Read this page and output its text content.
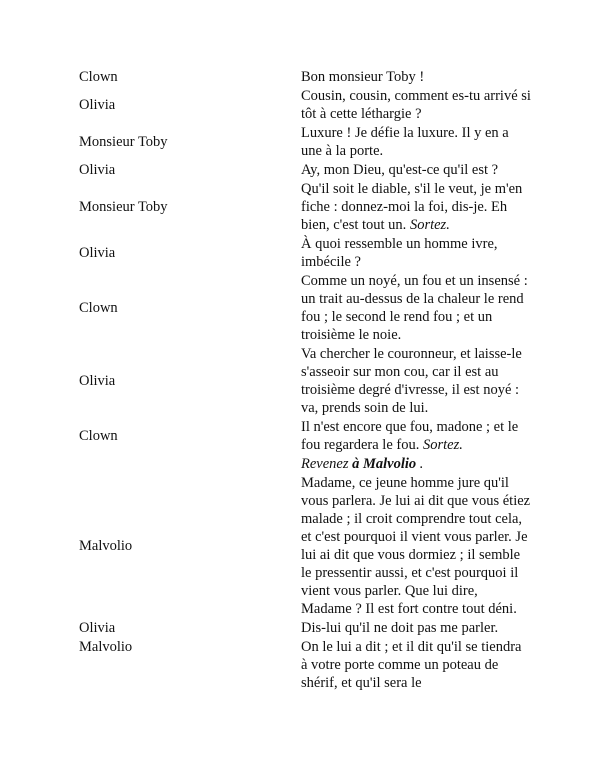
Clown	Bon monsieur Toby !
Olivia	Cousin, cousin, comment es-tu arrivé si tôt à cette léthargie ?
Monsieur Toby	Luxure ! Je défie la luxure. Il y en a une à la porte.
Olivia	Ay, mon Dieu, qu'est-ce qu'il est ?
Monsieur Toby	Qu'il soit le diable, s'il le veut, je m'en fiche : donnez-moi la foi, dis-je. Eh bien, c'est tout un. Sortez.
Olivia	À quoi ressemble un homme ivre, imbécile ?
Clown	Comme un noyé, un fou et un insensé : un trait au-dessus de la chaleur le rend fou ; le second le rend fou ; et un troisième le noie.
Olivia	Va chercher le couronneur, et laisse-le s'asseoir sur mon cou, car il est au troisième degré d'ivresse, il est noyé : va, prends soin de lui.
Clown	Il n'est encore que fou, madone ; et le fou regardera le fou. Sortez.
	Revenez à Malvolio .
Malvolio	Madame, ce jeune homme jure qu'il vous parlera. Je lui ai dit que vous étiez malade ; il croit comprendre tout cela, et c'est pourquoi il vient vous parler. Je lui ai dit que vous dormiez ; il semble le pressentir aussi, et c'est pourquoi il vient vous parler. Que lui dire, Madame ? Il est fort contre tout déni.
Olivia	Dis-lui qu'il ne doit pas me parler.
Malvolio	On le lui a dit ; et il dit qu'il se tiendra à votre porte comme un poteau de shérif, et qu'il sera le
